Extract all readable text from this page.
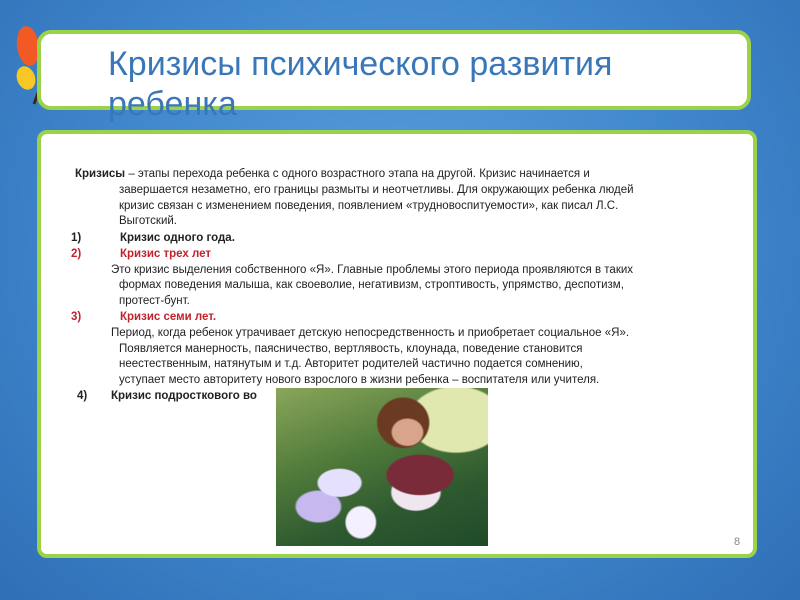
Кризисы психического развития
ребенка
Кризисы – этапы перехода ребенка с одного возрастного этапа на другой. Кризис начинается и
завершается незаметно, его границы размыты и неотчетливы. Для окружающих ребенка людей
кризис связан с изменением поведения, появлением «трудновоспитуемости», как писал Л.С.
Выготский.
1)	Кризис одного года.
2)	Кризис трех лет
Это кризис выделения собственного «Я». Главные проблемы этого периода проявляются в таких
формах поведения малыша, как своеволие, негативизм, строптивость, упрямство, деспотизм,
протест-бунт.
3)	Кризис семи лет.
Период, когда ребенок утрачивает детскую непосредственность и приобретает социальное «Я».
Появляется манерность, паясничество, вертлявость, клоунада, поведение становится
неестественным, натянутым и т.д. Авторитет родителей частично подается сомнению,
уступает место авторитету нового взрослого в жизни ребенка – воспитателя или учителя.
4) Кризис подросткового во
8
